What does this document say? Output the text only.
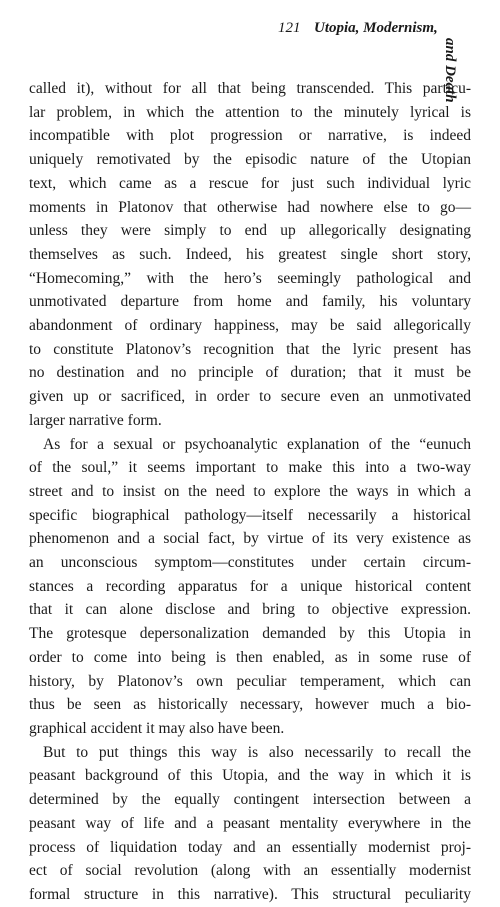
121 Utopia, Modernism,
and Death
called it), without for all that being transcended. This particu-
lar problem, in which the attention to the minutely lyrical is
incompatible with plot progression or narrative, is indeed
uniquely remotivated by the episodic nature of the Utopian
text, which came as a rescue for just such individual lyric
moments in Platonov that otherwise had nowhere else to go—
unless they were simply to end up allegorically designating
themselves as such. Indeed, his greatest single short story,
“Homecoming,” with the hero’s seemingly pathological and
unmotivated departure from home and family, his voluntary
abandonment of ordinary happiness, may be said allegorically
to constitute Platonov’s recognition that the lyric present has
no destination and no principle of duration; that it must be
given up or sacrificed, in order to secure even an unmotivated
larger narrative form.
As for a sexual or psychoanalytic explanation of the “eunuch
of the soul,” it seems important to make this into a two-way
street and to insist on the need to explore the ways in which a
specific biographical pathology—itself necessarily a historical
phenomenon and a social fact, by virtue of its very existence as
an unconscious symptom—constitutes under certain circum-
stances a recording apparatus for a unique historical content
that it can alone disclose and bring to objective expression.
The grotesque depersonalization demanded by this Utopia in
order to come into being is then enabled, as in some ruse of
history, by Platonov’s own peculiar temperament, which can
thus be seen as historically necessary, however much a bio-
graphical accident it may also have been.
But to put things this way is also necessarily to recall the
peasant background of this Utopia, and the way in which it is
determined by the equally contingent intersection between a
peasant way of life and a peasant mentality everywhere in the
process of liquidation today and an essentially modernist proj-
ect of social revolution (along with an essentially modernist
formal structure in this narrative). This structural peculiarity
